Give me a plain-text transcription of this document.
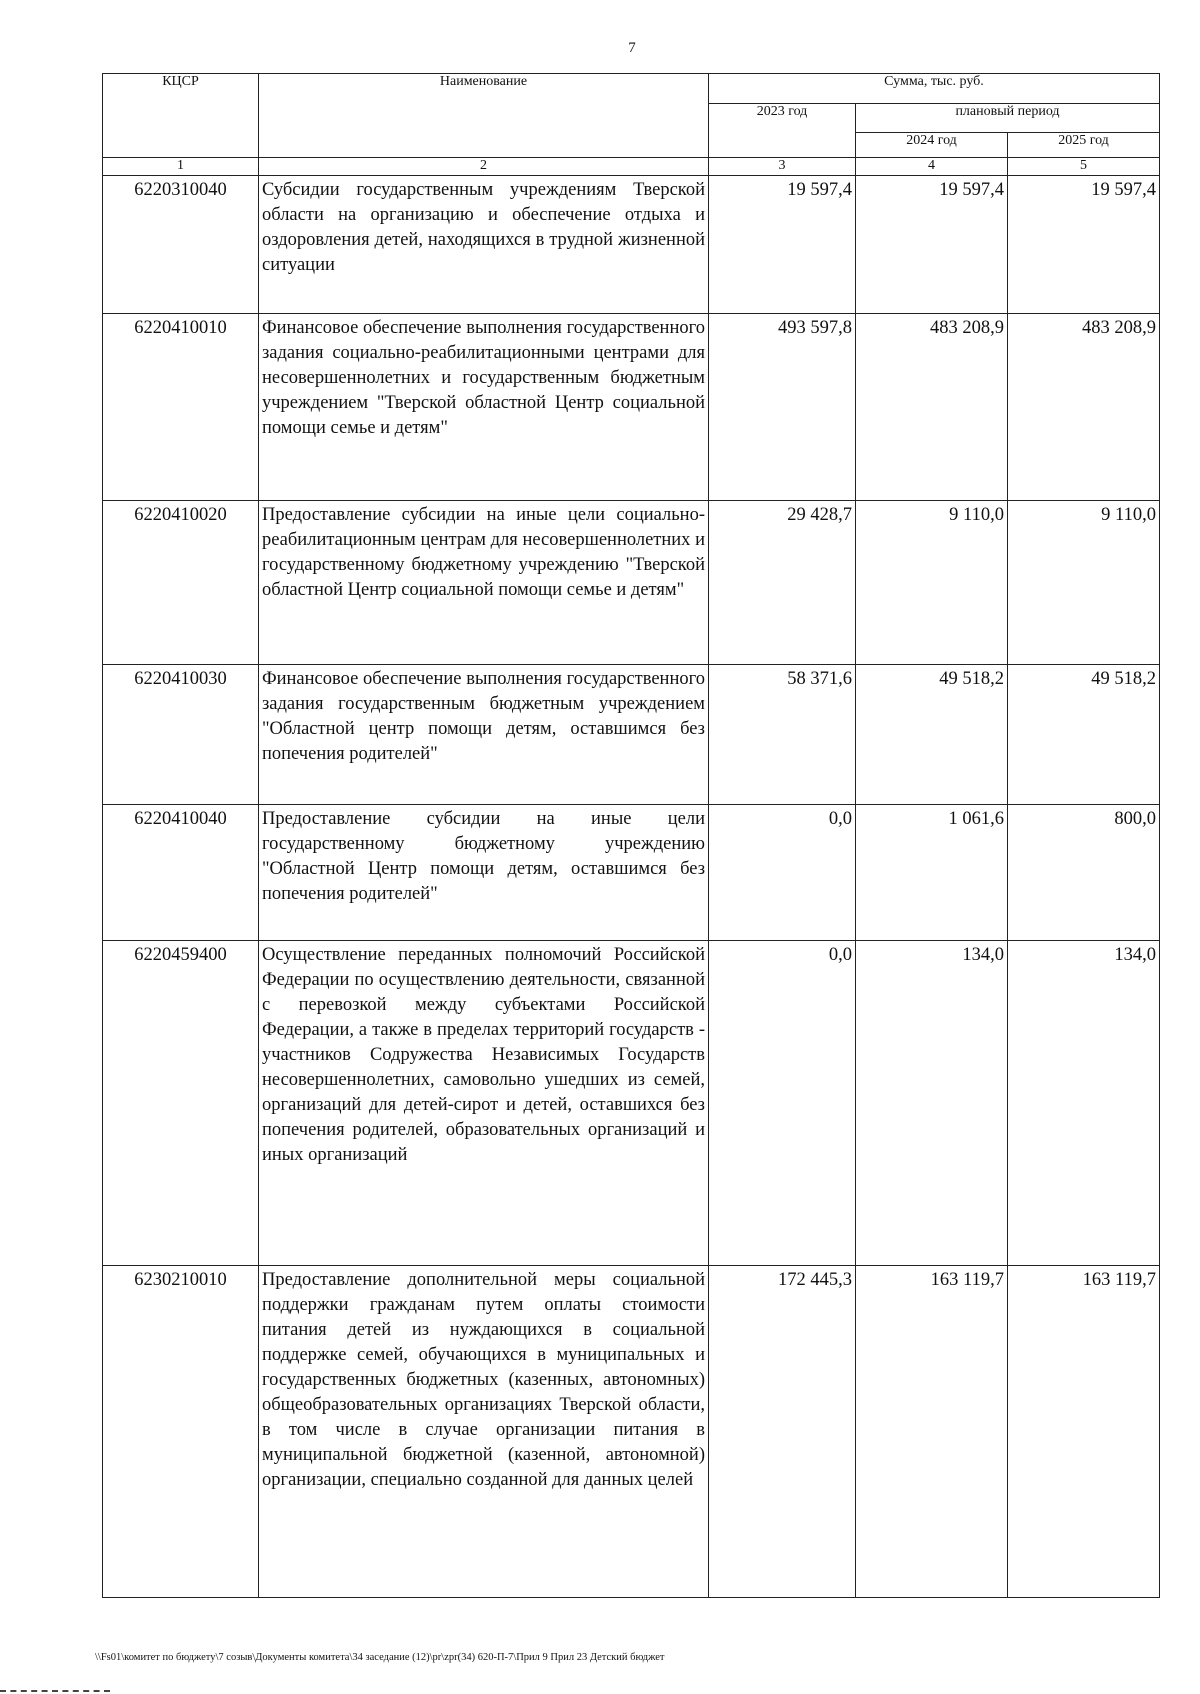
7
КЦСР	Наименование	Сумма, тыс. руб.		
		2023 год	плановый период	
			2024 год	2025 год
1	2	3	4	5
6220310040	Субсидии государственным учреждениям Тверской области на организацию и обеспечение отдыха и оздоровления детей, находящихся в трудной жизненной ситуации	19 597,4	19 597,4	19 597,4
6220410010	Финансовое обеспечение выполнения государственного задания социально-реабилитационными центрами для несовершеннолетних и государственным бюджетным учреждением "Тверской областной Центр социальной помощи семье и детям"	493 597,8	483 208,9	483 208,9
6220410020	Предоставление субсидии на иные цели социально-реабилитационным центрам для несовершеннолетних и государственному бюджетному учреждению "Тверской областной Центр социальной помощи семье и детям"	29 428,7	9 110,0	9 110,0
6220410030	Финансовое обеспечение выполнения государственного задания государственным бюджетным учреждением "Областной центр помощи детям, оставшимся без попечения родителей"	58 371,6	49 518,2	49 518,2
6220410040	Предоставление субсидии на иные цели государственному бюджетному учреждению "Областной Центр помощи детям, оставшимся без попечения родителей"	0,0	1 061,6	800,0
6220459400	Осуществление переданных полномочий Российской Федерации по осуществлению деятельности, связанной с перевозкой между субъектами Российской Федерации, а также в пределах территорий государств - участников Содружества Независимых Государств несовершеннолетних, самовольно ушедших из семей, организаций для детей-сирот и детей, оставшихся без попечения родителей, образовательных организаций и иных организаций	0,0	134,0	134,0
6230210010	Предоставление дополнительной меры социальной поддержки гражданам путем оплаты стоимости питания детей из нуждающихся в социальной поддержке семей, обучающихся в муниципальных и государственных бюджетных (казенных, автономных) общеобразовательных организациях Тверской области, в том числе в случае организации питания в муниципальной бюджетной (казенной, автономной) организации, специально созданной для данных целей	172 445,3	163 119,7	163 119,7
\\Fs01\комитет по бюджету\7 созыв\Документы комитета\34 заседание (12)\pr\zpr(34) 620-П-7\Прил 9 Прил 23 Детский бюджет
